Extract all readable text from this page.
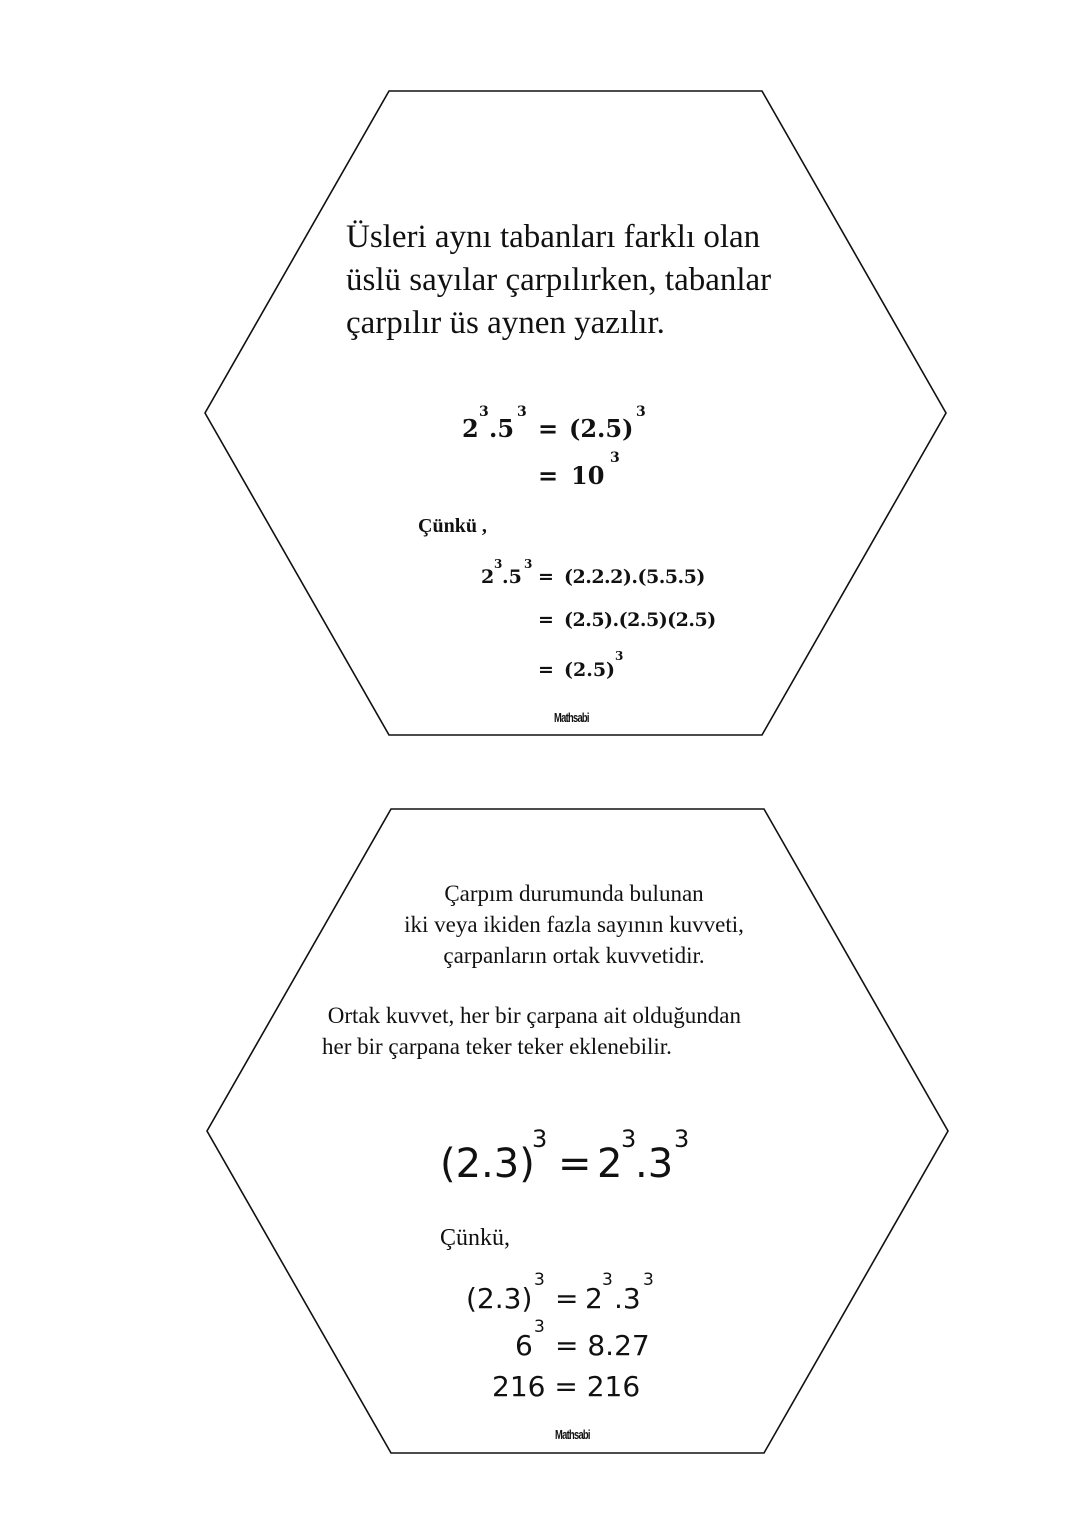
Üsleri aynı tabanları farklı olan
üslü sayılar çarpılırken, tabanlar
çarpılır üs aynen yazılır.
2
3
.5
3
= (2.5)
3
= 10
3
Çünkü ,
2
3
.5
3
= (2.2.2).(5.5.5)
= (2.5).(2.5)(2.5)
= (2.5)
3
Mathsabi
Çarpım durumunda bulunan
iki veya ikiden fazla sayının kuvveti,
çarpanların ortak kuvvetidir.
Ortak kuvvet, her bir çarpana ait olduğundan
her bir çarpana teker teker eklenebilir.
(2.3)
3
= 2
3
.3
3
Çünkü,
(2.3)
3
= 2
3
.3
3
6
3
= 8.27
216 = 216
Mathsabi
